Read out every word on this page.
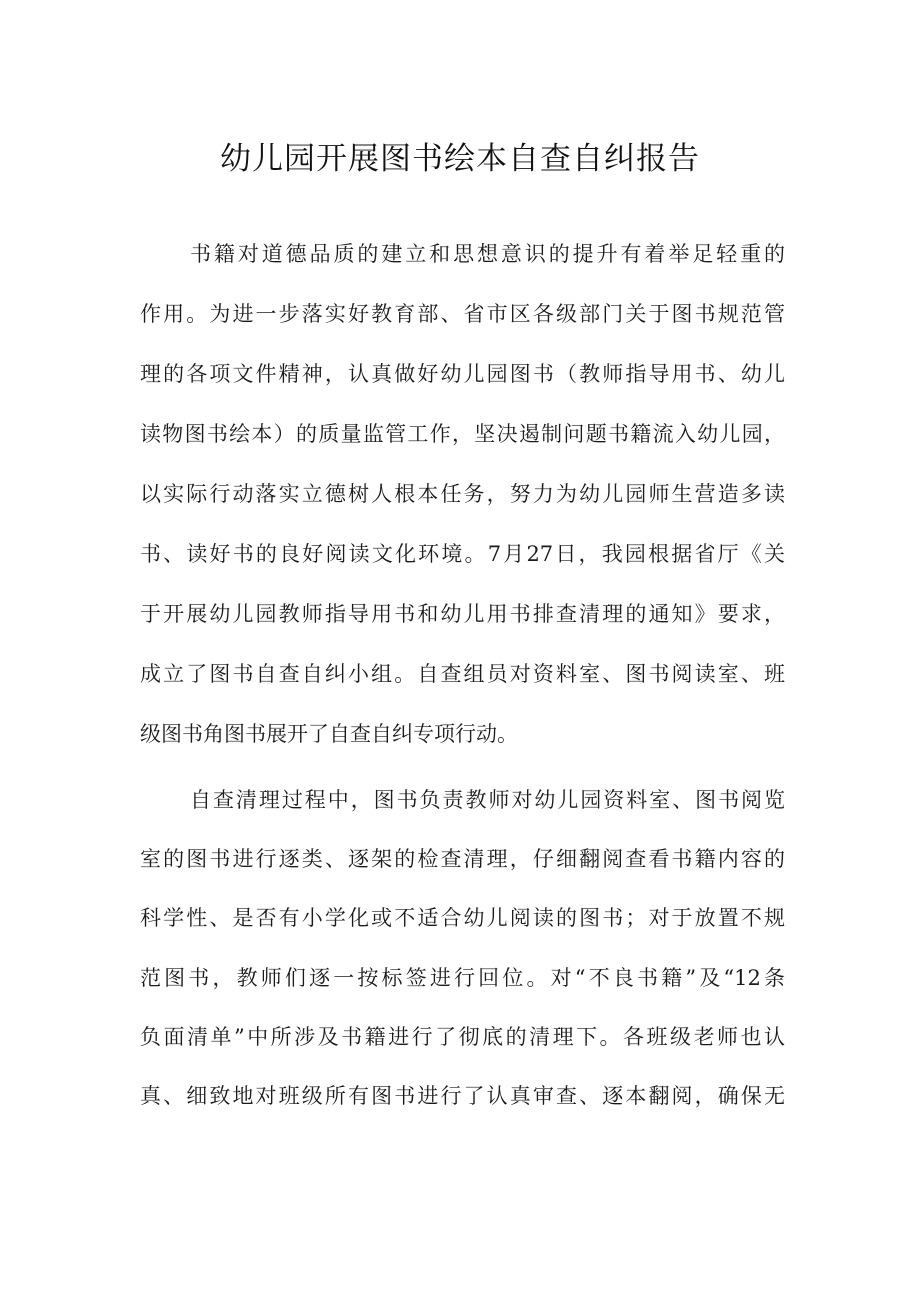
幼儿园开展图书绘本自查自纠报告
书籍对道德品质的建立和思想意识的提升有着举足轻重的
作用。为进一步落实好教育部、省市区各级部门关于图书规范管
理的各项文件精神，认真做好幼儿园图书（教师指导用书、幼儿
读物图书绘本）的质量监管工作，坚决遏制问题书籍流入幼儿园，
以实际行动落实立德树人根本任务，努力为幼儿园师生营造多读
书、读好书的良好阅读文化环境。7月27日，我园根据省厅《关
于开展幼儿园教师指导用书和幼儿用书排查清理的通知》要求，
成立了图书自查自纠小组。自查组员对资料室、图书阅读室、班
级图书角图书展开了自查自纠专项行动。
自查清理过程中，图书负责教师对幼儿园资料室、图书阅览
室的图书进行逐类、逐架的检查清理，仔细翻阅查看书籍内容的
科学性、是否有小学化或不适合幼儿阅读的图书；对于放置不规
范图书，教师们逐一按标签进行回位。对“不良书籍”及“12条
负面清单”中所涉及书籍进行了彻底的清理下。各班级老师也认
真、细致地对班级所有图书进行了认真审查、逐本翻阅，确保无
